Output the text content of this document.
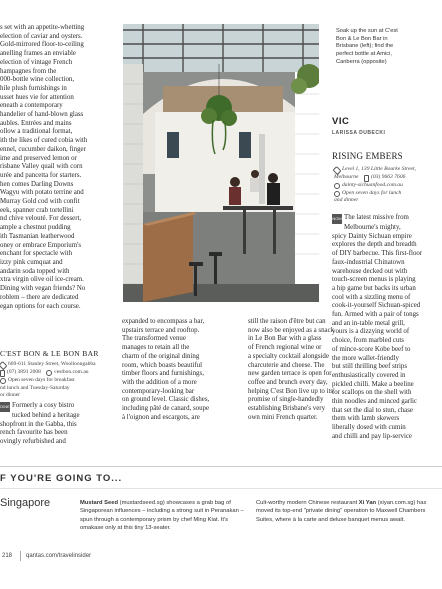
s set with an appetite-whetting
election of caviar and oysters.
Gold-mirrored floor-to-ceiling
anelling frames an enviable
election of vintage French
hampagnes from the
000-bottle wine collection,
hile plush furnishings in
usset hues vie for attention
eneath a contemporary
handelier of hand-blown glass
aubles. Entrées and mains
ollow a traditional format,
ith the likes of cured cobia with
ennel, cucumber daikon, finger
ime and preserved lemon or
risbane Valley quail with corn
urée and pancetta for starters.
hen comes Darling Downs
Wagyu with potato terrine and
Murray Gold cod with confit
eek, spanner crab tortellini
nd chive velouté. For dessert,
ample a chestnut pudding
ith Tasmanian leatherwood
oney or embrace Emporium's
enchant for spectacle with
izzy pink cumquat and
andarin soda topped with
xtra virgin olive oil ice-cream.
Dining with vegan friends? No
roblem – there are dedicated
egan options for each course.
C'EST BON & LE BON BAR
669-611 Stanley Street, Woolloongabba
(07) 3891 2008
cestbon.com.au
Open seven days for breakfast
nd lunch and Tuesday-Saturday
or dinner
DINE Formerly a cosy bistro
tucked behind a heritage
shopfront in the Gabba, this
rench favourite has been
ovingly refurbished and
expanded to encompass a bar,
upstairs terrace and rooftop.
The transformed venue
manages to retain all the
charm of the original dining
room, which boasts beautiful
timber floors and furnishings,
with the addition of a more
contemporary-looking bar
on ground level. Classic dishes,
including pâté de canard, soupe
à l'oignon and escargots, are
still the raison d'être but can
now also be enjoyed as a snack
in Le Bon Bar with a glass
of French regional wine or
a specialty cocktail alongside
charcuterie and cheese. The
new garden terrace is open for
coffee and brunch every day,
helping C'est Bon live up to its
promise of single-handedly
establishing Brisbane's very
own mini French quarter.
Soak up the sun at C'est
Bon & Le Bon Bar in
Brisbane (left); find the
perfect bottle at Amici,
Canberra (opposite)
VIC
LARISSA DUBECKI
RISING EMBERS
Level 1, 139 Little Bourke Street,
Melbourne
(03) 9663 7606
dainty-sichuanfood.com.au
Open seven days for lunch
and dinner
NOM The latest missive from
Melbourne's mighty,
spicy Dainty Sichuan empire
explores the depth and breadth
of DIY barbecue. This first-floor
faux-industrial Chinatown
warehouse decked out with
touch-screen menus is playing
a hip game but backs its urban
cool with a sizzling menu of
cook-it-yourself Sichuan-spiced
fun. Armed with a pair of tongs
and an in-table metal grill,
yours is a dizzying world of
choice, from marbled cuts
of mince-score Kobe beef to
the more wallet-friendly
but still thrilling beef strips
enthusiastically covered in
pickled chilli. Make a beeline
for scallops on the shell with
thin noodles and minced garlic
that set the dial to stun, chase
them with lamb skewers
liberally dosed with cumin
and chilli and pay lip-service
F YOU'RE GOING TO...
Singapore	Mustard Seed (mustardseed.sg) showcases a grab bag of Singaporean influences – including a strong suit in Peranakan – spun through a contemporary prism by chef Ming Kiat. It's omakase only at this tiny 13-seater.
Cult-worthy modern Chinese restaurant Xi Yan (xiyan.com.sg) has moved its top-end "private dining" operation to Maxwell Chambers Suites, where à la carte and deluxe banquet menus await.
218 qantas.com/travelinsider
